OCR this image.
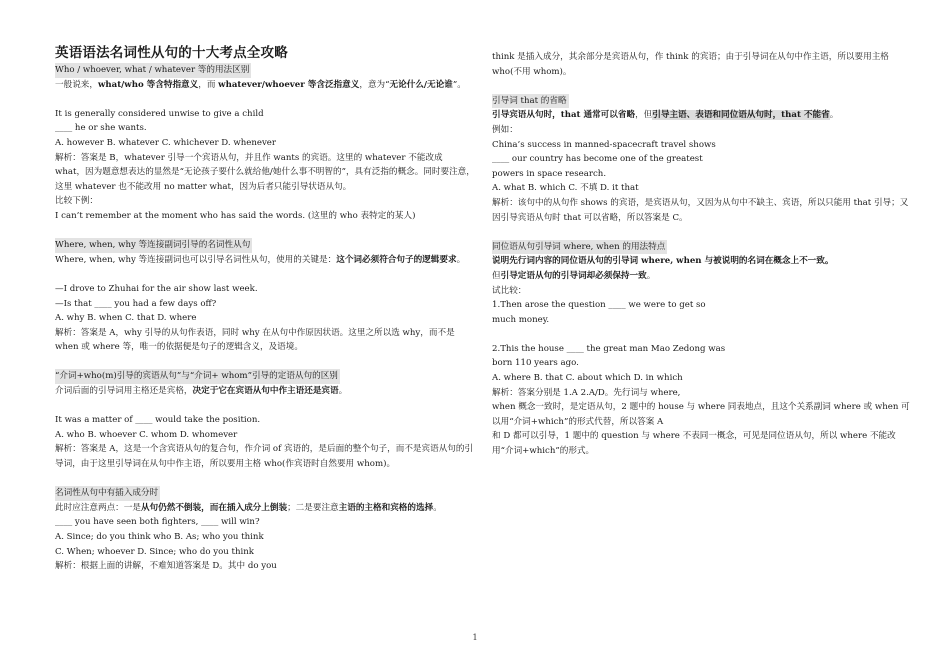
英语语法名词性从句的十大考点全攻略
Who / whoever, what / whatever 等的用法区别

一般说来，what/who 等含特指意义，而 whatever/whoever 等含泛指意义，意为“无论什么/无论谁”。

It is generally considered unwise to give a child

____ he or she wants.

A. however B. whatever C. whichever D. whenever

解析：答案是 B，whatever 引导一个宾语从句，并且作 wants 的宾语。这里的 whatever 不能改成 what，因为题意想表达的显然是“无论孩子要什么就给他/她什么事不明智的”，具有泛指的概念。同时要注意，这里 whatever 也不能改用 no matter what，因为后者只能引导状语从句。

比较下例：

I can’t remember at the moment who has said the words. (这里的 who 表特定的某人)

Where, when, why 等连接副词引导的名词性从句

Where, when, why 等连接副词也可以引导名词性从句，使用的关键是：这个词必须符合句子的逻辑要求。

—I drove to Zhuhai for the air show last week.

—Is that ____ you had a few days off?

A. why B. when C. that D. where

解析：答案是 A，why 引导的从句作表语，同时 why 在从句中作原因状语。这里之所以选 why，而不是 when 或 where 等，唯一的依据便是句子的逻辑含义，及语境。

“介词+who(m)引导的宾语从句”与“介词+ whom”引导的定语从句的区别

介词后面的引导词用主格还是宾格，决定于它在宾语从句中作主语还是宾语。

It was a matter of ____ would take the position.

A. who B. whoever C. whom D. whomever

解析：答案是 A，这是一个含宾语从句的复合句，作介词 of 宾语的，是后面的整个句子，而不是宾语从句的引导词，由于这里引导词在从句中作主语，所以要用主格 who(作宾语时自然要用 whom)。

名词性从句中有插入成分时

此时应注意两点：一是从句仍然不倒装，而在插入成分上倒装；二是要注意主语的主格和宾格的选择。

____ you have seen both fighters, ____ will win?

A. Since; do you think who B. As; who you think

C. When; whoever D. Since; who do you think

解析：根据上面的讲解，不难知道答案是 D。其中 do you

think 是插入成分，其余部分是宾语从句，作 think 的宾语；由于引导词在从句中作主语，所以要用主格 who(不用 whom)。

引导词 that 的省略

引导宾语从句时，that 通常可以省略，但引导主语、表语和同位语从句时，that 不能省。

例如：

China’s success in manned-spacecraft travel shows

____ our country has become one of the greatest

powers in space research.

A. what B. which C. 不填 D. it that

解析：该句中的从句作 shows 的宾语，是宾语从句，又因为从句中不缺主、宾语，所以只能用 that 引导；又因引导宾语从句时 that 可以省略，所以答案是 C。

同位语从句引导词 where, when 的用法特点

说明先行词内容的同位语从句的引导词 where, when 与被说明的名词在概念上不一致。

但引导定语从句的引导词却必须保持一致。

试比较：

1.Then arose the question ____ we were to get so

much money.

2.This the house ____ the great man Mao Zedong was

born 110 years ago.

A. where B. that C. about which D. in which

解析：答案分别是 1.A 2.A/D。先行词与 where,

when 概念一致时，是定语从句，2 题中的 house 与 where 同表地点，且这个关系副词 where 或 when 可以用“介词+which”的形式代替，所以答案 A

和 D 都可以引导，1 题中的 question 与 where 不表同一概念，可见是同位语从句，所以 where 不能改用“介词+which”的形式。

1
